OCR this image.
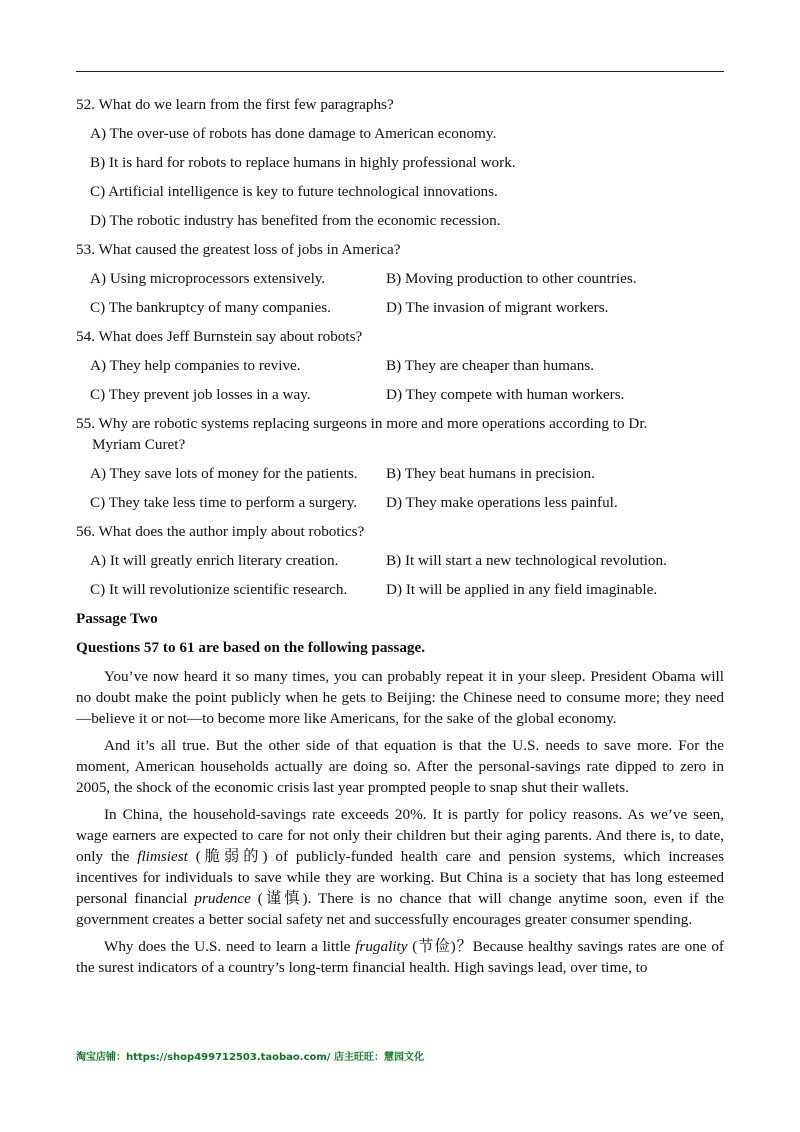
52. What do we learn from the first few paragraphs?
A) The over-use of robots has done damage to American economy.
B) It is hard for robots to replace humans in highly professional work.
C) Artificial intelligence is key to future technological innovations.
D) The robotic industry has benefited from the economic recession.
53. What caused the greatest loss of jobs in America?
A) Using microprocessors extensively.	B) Moving production to other countries.
C) The bankruptcy of many companies.	D) The invasion of migrant workers.
54. What does Jeff Burnstein say about robots?
A) They help companies to revive.	B) They are cheaper than humans.
C) They prevent job losses in a way.	D) They compete with human workers.
55. Why are robotic systems replacing surgeons in more and more operations according to Dr.
Myriam Curet?
A) They save lots of money for the patients.	B) They beat humans in precision.
C) They take less time to perform a surgery.	D) They make operations less painful.
56. What does the author imply about robotics?
A) It will greatly enrich literary creation.	B) It will start a new technological revolution.
C) It will revolutionize scientific research.	D) It will be applied in any field imaginable.
Passage Two
Questions 57 to 61 are based on the following passage.

You’ve now heard it so many times, you can probably repeat it in your sleep. President Obama will no doubt make the point publicly when he gets to Beijing: the Chinese need to consume more; they need—believe it or not—to become more like Americans, for the sake of the global economy.

And it’s all true. But the other side of that equation is that the U.S. needs to save more. For the moment, American households actually are doing so. After the personal-savings rate dipped to zero in 2005, the shock of the economic crisis last year prompted people to snap shut their wallets.

In China, the household-savings rate exceeds 20%. It is partly for policy reasons. As we’ve seen, wage earners are expected to care for not only their children but their aging parents. And there is, to date, only the flimsiest (脆弱的) of publicly-funded health care and pension systems, which increases incentives for individuals to save while they are working. But China is a society that has long esteemed personal financial prudence (谨慎). There is no chance that will change anytime soon, even if the government creates a better social safety net and successfully encourages greater consumer spending.

Why does the U.S. need to learn a little frugality (节俭)？Because healthy savings rates are one of the surest indicators of a country’s long-term financial health. High savings lead, over time, to

淘宝店铺：https://shop499712503.taobao.com/ 店主旺旺：慧园文化
